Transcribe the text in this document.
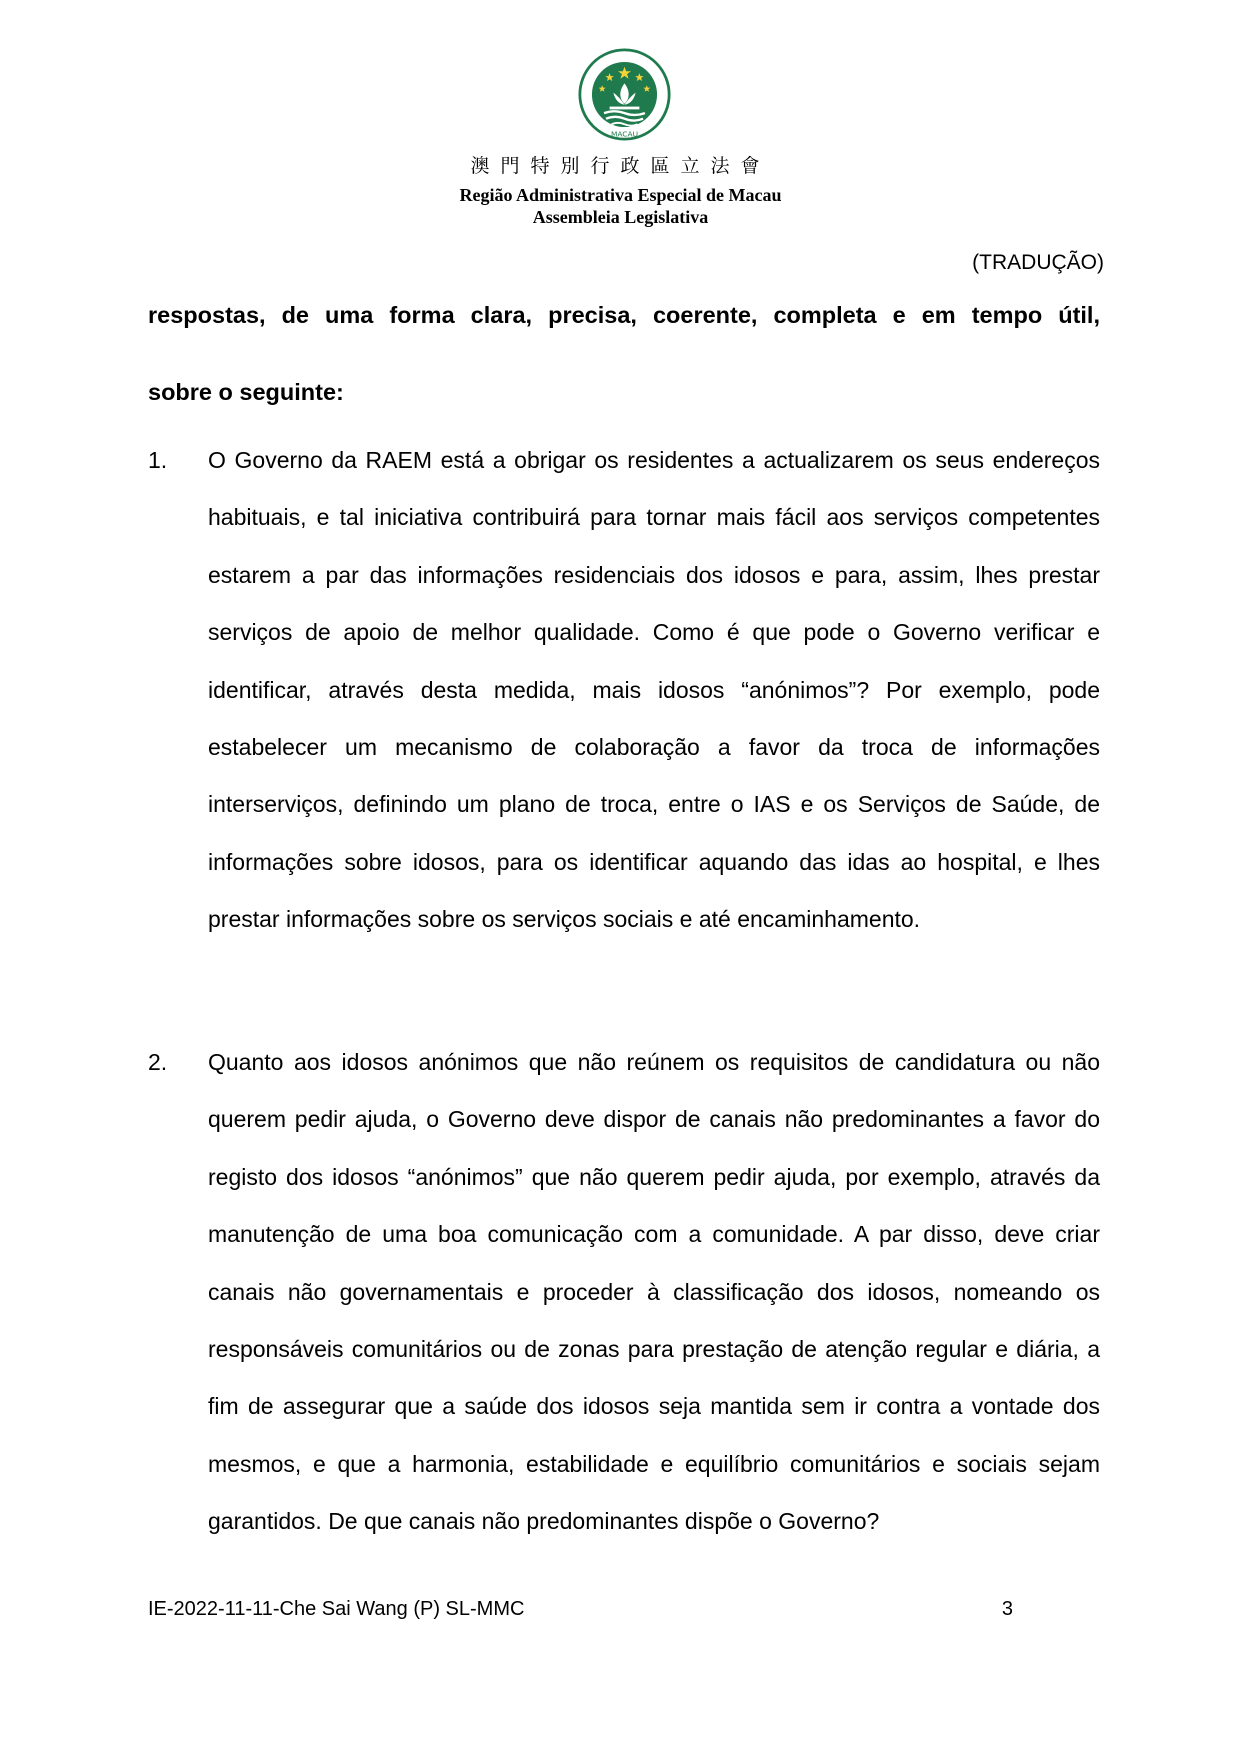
MACAU
澳門特別行政區立法會
Região Administrativa Especial de Macau
Assembleia Legislativa
(TRADUÇÃO)
respostas, de uma forma clara, precisa, coerente, completa e em tempo útil,
sobre o seguinte:
1. O Governo da RAEM está a obrigar os residentes a actualizarem os seus endereços habituais, e tal iniciativa contribuirá para tornar mais fácil aos serviços competentes estarem a par das informações residenciais dos idosos e para, assim, lhes prestar serviços de apoio de melhor qualidade. Como é que pode o Governo verificar e identificar, através desta medida, mais idosos “anónimos”? Por exemplo, pode estabelecer um mecanismo de colaboração a favor da troca de informações interserviços, definindo um plano de troca, entre o IAS e os Serviços de Saúde, de informações sobre idosos, para os identificar aquando das idas ao hospital, e lhes prestar informações sobre os serviços sociais e até encaminhamento.

2. Quanto aos idosos anónimos que não reúnem os requisitos de candidatura ou não querem pedir ajuda, o Governo deve dispor de canais não predominantes a favor do registo dos idosos “anónimos” que não querem pedir ajuda, por exemplo, através da manutenção de uma boa comunicação com a comunidade. A par disso, deve criar canais não governamentais e proceder à classificação dos idosos, nomeando os responsáveis comunitários ou de zonas para prestação de atenção regular e diária, a fim de assegurar que a saúde dos idosos seja mantida sem ir contra a vontade dos mesmos, e que a harmonia, estabilidade e equilíbrio comunitários e sociais sejam garantidos. De que canais não predominantes dispõe o Governo?

IE-2022-11-11-Che Sai Wang (P) SL-MMC	3
